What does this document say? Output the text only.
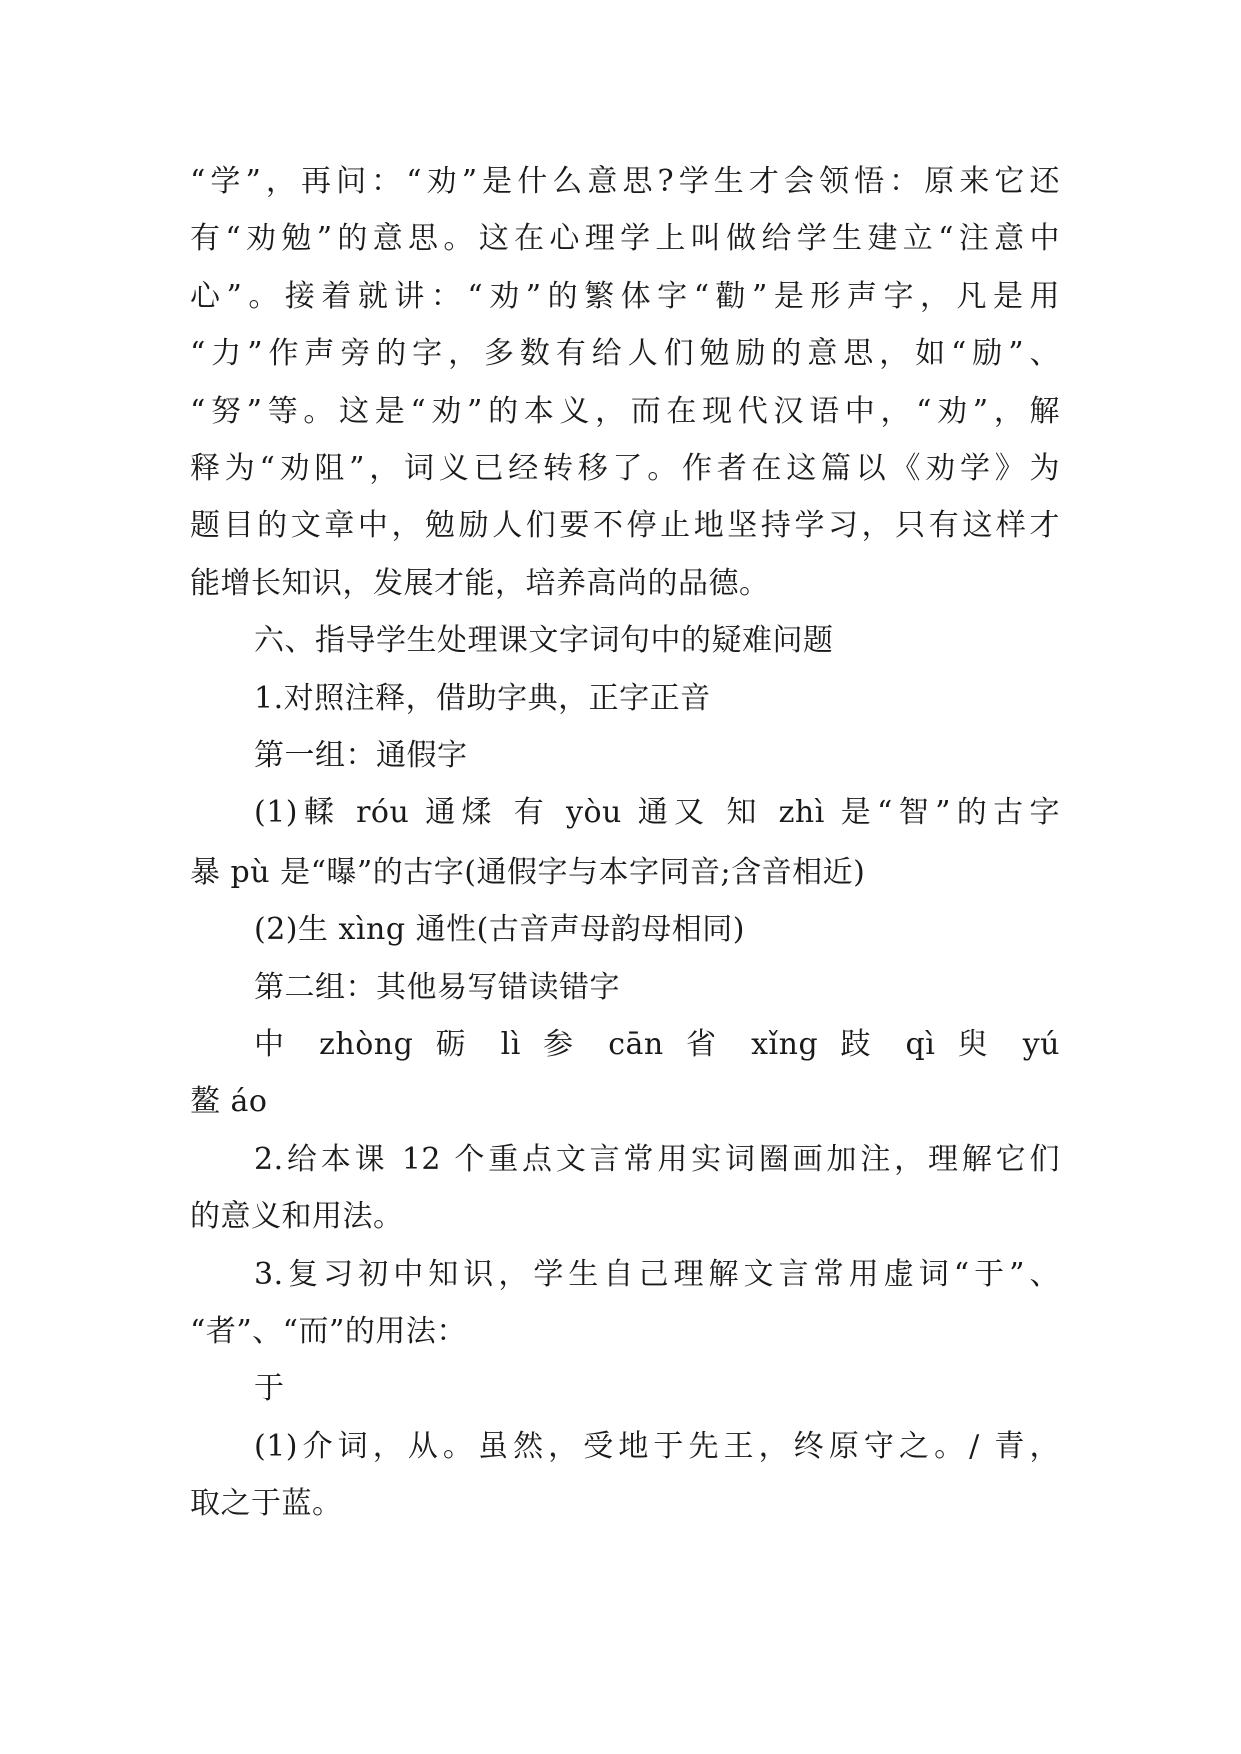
“学”，再问：“劝”是什么意思?学生才会领悟：原来它还
有“劝勉”的意思。这在心理学上叫做给学生建立“注意中
心”。接着就讲：“劝”的繁体字“勸”是形声字，凡是用
“力”作声旁的字，多数有给人们勉励的意思，如“励”、
“努”等。这是“劝”的本义，而在现代汉语中，“劝”，解
释为“劝阻”，词义已经转移了。作者在这篇以《劝学》为
题目的文章中，勉励人们要不停止地坚持学习，只有这样才
能增长知识，发展才能，培养高尚的品德。
六、指导学生处理课文字词句中的疑难问题
1.对照注释，借助字典，正字正音
第一组：通假字
(1)輮 róu 通煣 有 yòu 通又 知 zhì 是“智”的古字
暴 pù 是“曝”的古字(通假字与本字同音;含音相近)
(2)生 xìng 通性(古音声母韵母相同)
第二组：其他易写错读错字
中 zhòng 砺 lì 参 cān 省 xǐng 跂 qì 臾 yú
鳌 áo
2.给本课 12 个重点文言常用实词圈画加注，理解它们
的意义和用法。
3.复习初中知识，学生自己理解文言常用虚词“于”、
“者”、“而”的用法：
于
(1)介词，从。虽然，受地于先王，终原守之。/ 青，
取之于蓝。
